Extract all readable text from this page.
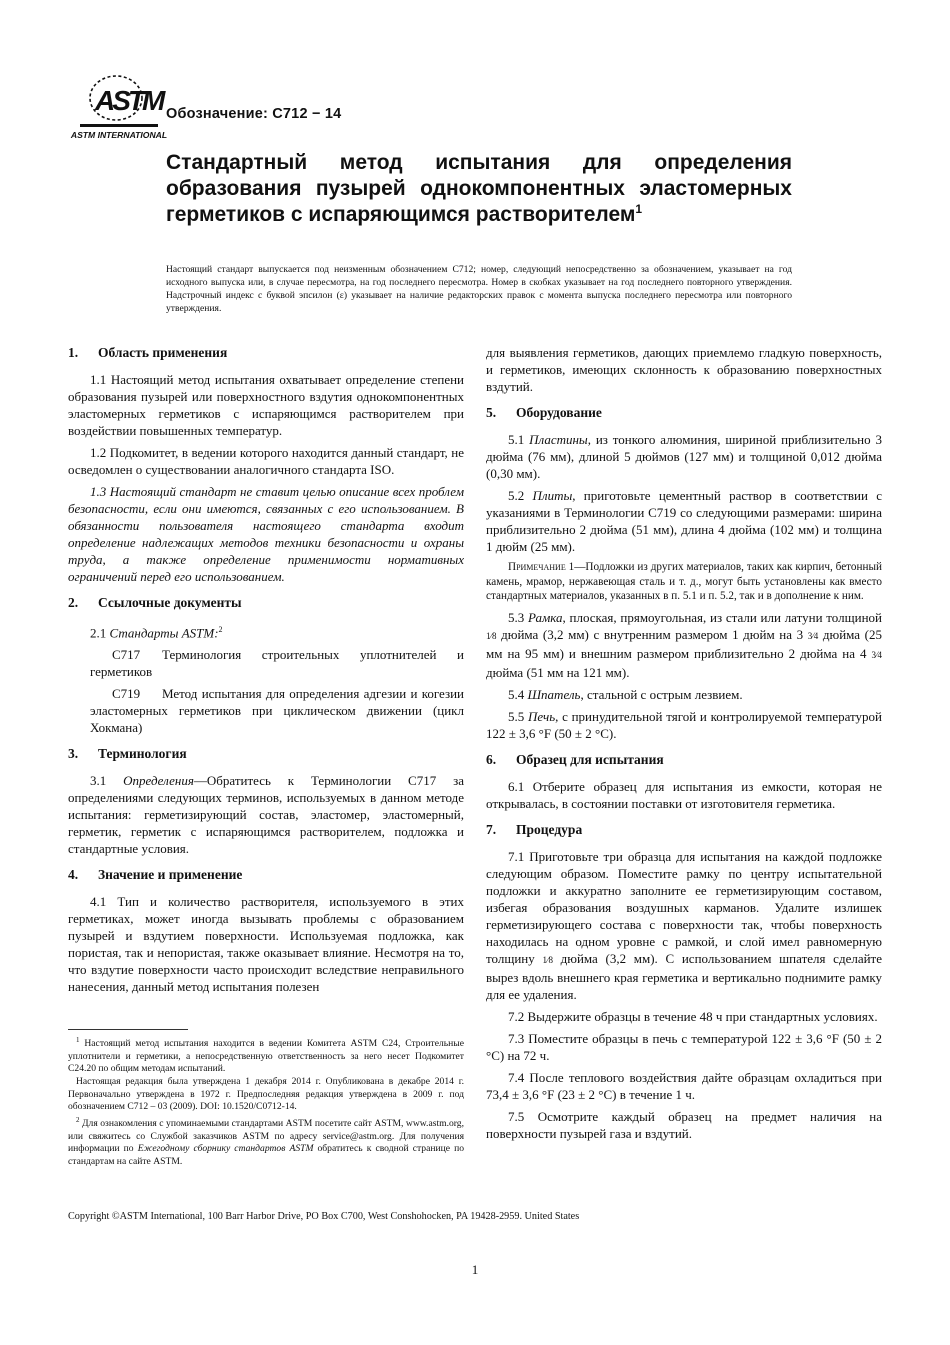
ASTM
ASTM INTERNATIONAL
Обозначение: C712 − 14
Стандартный метод испытания для определения образования пузырей однокомпонентных эластомерных герметиков с испаряющимся растворителем$^1$
Настоящий стандарт выпускается под неизменным обозначением C712; номер, следующий непосредственно за обозначением, указывает на год исходного выпуска или, в случае пересмотра, на год последнего пересмотра. Номер в скобках указывает на год последнего повторного утверждения. Надстрочный индекс с буквой эпсилон (ε) указывает на наличие редакторских правок с момента выпуска последнего пересмотра или повторного утверждения.
1. Область применения

1.1 Настоящий метод испытания охватывает определение степени образования пузырей или поверхностного вздутия однокомпонентных эластомерных герметиков с испаряющимся растворителем при воздействии повышенных температур.

1.2 Подкомитет, в ведении которого находится данный стандарт, не осведомлен о существовании аналогичного стандарта ISO.

1.3 Настоящий стандарт не ставит целью описание всех проблем безопасности, если они имеются, связанных с его использованием. В обязанности пользователя настоящего стандарта входит определение надлежащих методов техники безопасности и охраны труда, а также определение применимости нормативных ограничений перед его использованием.

2. Ссылочные документы

2.1 Стандарты ASTM:$^2$

C717 Терминология строительных уплотнителей и герметиков

C719 Метод испытания для определения адгезии и когезии эластомерных герметиков при циклическом движении (цикл Хокмана)

3. Терминология

3.1 Определения—Обратитесь к Терминологии C717 за определениями следующих терминов, используемых в данном методе испытания: герметизирующий состав, эластомер, эластомерный, герметик, герметик с испаряющимся растворителем, подложка и стандартные условия.

4. Значение и применение

4.1 Тип и количество растворителя, используемого в этих герметиках, может иногда вызывать проблемы с образованием пузырей и вздутием поверхности. Используемая подложка, как пористая, так и непористая, также оказывает влияние. Несмотря на то, что вздутие поверхности часто происходит вследствие неправильного нанесения, данный метод испытания полезен

для выявления герметиков, дающих приемлемо гладкую поверхность, и герметиков, имеющих склонность к образованию поверхностных вздутий.

5. Оборудование

5.1 Пластины, из тонкого алюминия, шириной приблизительно 3 дюйма (76 мм), длиной 5 дюймов (127 мм) и толщиной 0,012 дюйма (0,30 мм).

5.2 Плиты, приготовьте цементный раствор в соответствии с указаниями в Терминологии C719 со следующими размерами: ширина приблизительно 2 дюйма (51 мм), длина 4 дюйма (102 мм) и толщина 1 дюйм (25 мм).

Примечание 1—Подложки из других материалов, таких как кирпич, бетонный камень, мрамор, нержавеющая сталь и т. д., могут быть установлены как вместо стандартных материалов, указанных в п. 5.1 и п. 5.2, так и в дополнение к ним.

5.3 Рамка, плоская, прямоугольная, из стали или латуни толщиной 1⁄8 дюйма (3,2 мм) с внутренним размером 1 дюйм на 3 3⁄4 дюйма (25 мм на 95 мм) и внешним размером приблизительно 2 дюйма на 4 3⁄4 дюйма (51 мм на 121 мм).

5.4 Шпатель, стальной с острым лезвием.

5.5 Печь, с принудительной тягой и контролируемой температурой 122 ± 3,6 °F (50 ± 2 °C).

6. Образец для испытания

6.1 Отберите образец для испытания из емкости, которая не открывалась, в состоянии поставки от изготовителя герметика.

7. Процедура

7.1 Приготовьте три образца для испытания на каждой подложке следующим образом. Поместите рамку по центру испытательной подложки и аккуратно заполните ее герметизирующим составом, избегая образования воздушных карманов. Удалите излишек герметизирующего состава с поверхности так, чтобы поверхность находилась на одном уровне с рамкой, и слой имел равномерную толщину 1⁄8 дюйма (3,2 мм). С использованием шпателя сделайте вырез вдоль внешнего края герметика и вертикально поднимите рамку для ее удаления.

7.2 Выдержите образцы в течение 48 ч при стандартных условиях.

7.3 Поместите образцы в печь с температурой 122 ± 3,6 °F (50 ± 2 °C) на 72 ч.

7.4 После теплового воздействия дайте образцам охладиться при 73,4 ± 3,6 °F (23 ± 2 °C) в течение 1 ч.

7.5 Осмотрите каждый образец на предмет наличия на поверхности пузырей газа и вздутий.

$^1$ Настоящий метод испытания находится в ведении Комитета ASTM C24, Строительные уплотнители и герметики, а непосредственную ответственность за него несет Подкомитет C24.20 по общим методам испытаний.

Настоящая редакция была утверждена 1 декабря 2014 г. Опубликована в декабре 2014 г. Первоначально утверждена в 1972 г. Предпоследняя редакция утверждена в 2009 г. под обозначением C712 – 03 (2009). DOI: 10.1520/C0712-14.

$^2$ Для ознакомления с упоминаемыми стандартами ASTM посетите сайт ASTM, www.astm.org, или свяжитесь со Службой заказчиков ASTM по адресу service@astm.org. Для получения информации по Ежегодному сборнику стандартов ASTM обратитесь к сводной странице по стандартам на сайте ASTM.

Copyright ©ASTM International, 100 Barr Harbor Drive, PO Box C700, West Conshohocken, PA 19428-2959. United States
1
